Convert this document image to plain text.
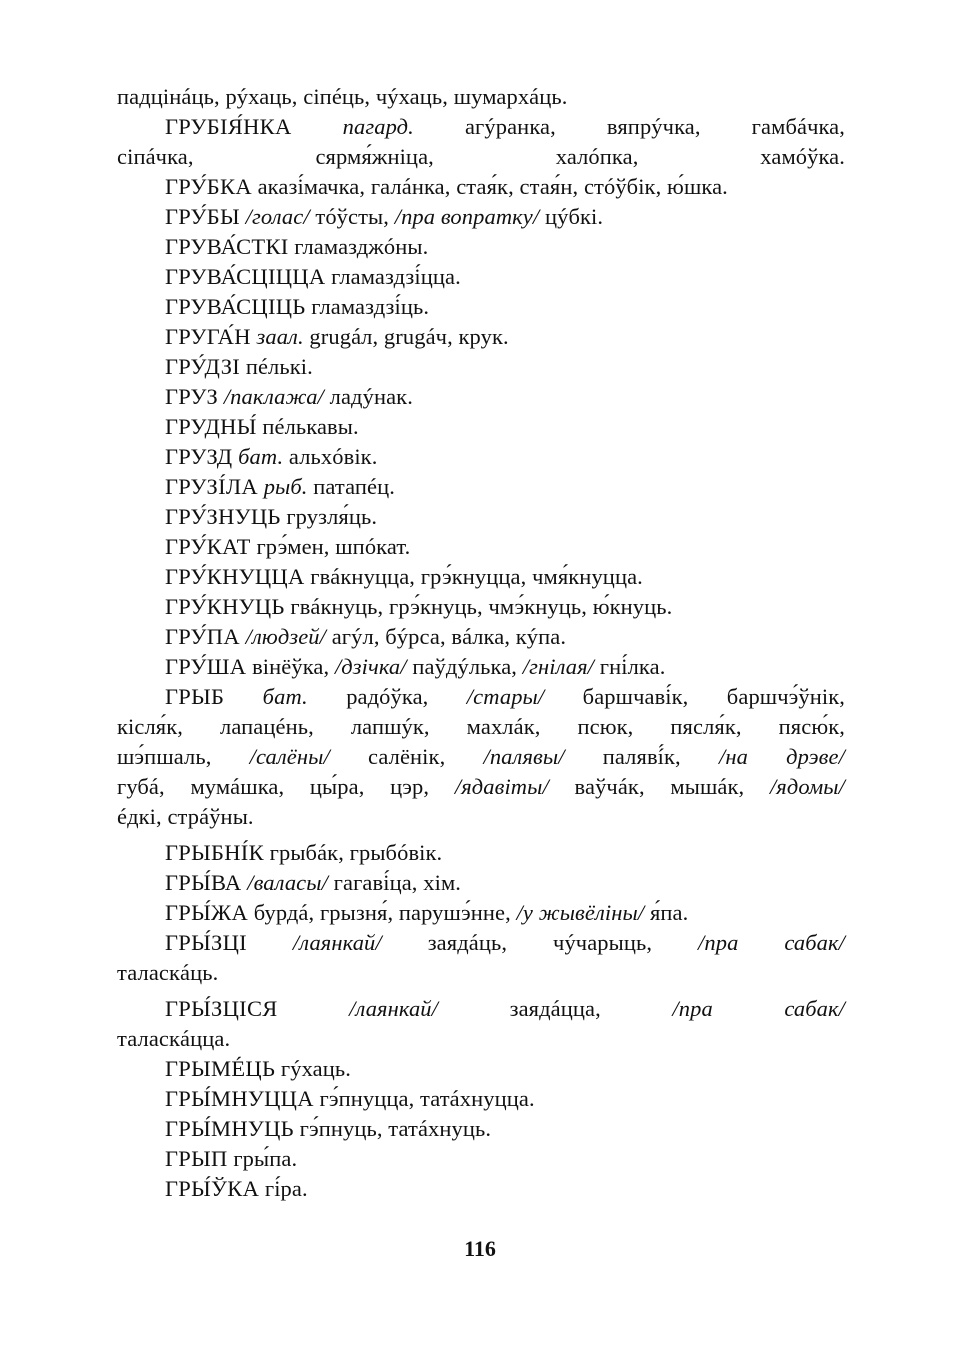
падцінáць, рýхаць, сіпéць, чýхаць, шумархáць.
ГРУБІЯ́НКА пагард. агýранка, вяпрýчка, гамбáчка,
сіпáчка, сярмя́жніца, халóпка, хамóўка.
ГРУ́БКА аказі́мачка, галáнка, стая́к, стая́н, стóўбік, ю́шка.
ГРУ́БЫ /голас/ тóўсты, /пра вопратку/ цýбкі.
ГРУВА́СТКІ гламазджóны.
ГРУВА́СЦІЦЦА гламаздзі́цца.
ГРУВА́СЦІЦЬ гламаздзі́ць.
ГРУГА́Н заал. grugáл, grugáч, крук.
ГРУ́ДЗІ пéлькі.
ГРУЗ /паклажа/ ладýнак.
ГРУДНЫ́ пéлькавы.
ГРУЗД бат. альхóвік.
ГРУЗІ́ЛА рыб. патапéц.
ГРУ́ЗНУЦЬ грузля́ць.
ГРУ́КАТ грэ́мен, шпóкат.
ГРУ́КНУЦЦА гвáкнуцца, грэ́кнуцца, чмя́кнуцца.
ГРУ́КНУЦЬ гвáкнуць, грэ́кнуць, чмэ́кнуць, ю́кнуць.
ГРУ́ПА /людзей/ агýл, бýрса, вáлка, кýпа.
ГРУ́ША вінёўка, /дзічка/ паўдýлька, /гнілая/ гні́лка.
ГРЫБ бат. радóўка, /стары/ баршчаві́к, баршчэ́ўнік,
кісля́к, лапацéнь, лапшýк, махлáк, псюк, пясля́к, пясю́к,
шэ́пшаль, /салёны/ салёнік, /палявы/ палявí́к, /на дрэве/
губá, мумáшка, цы́ра, цэр, /ядавіты/ ваўчáк, мышáк, /ядомы/
éдкі, стрáўны.
ГРЫБНІ́К грыбáк, грыбóвік.
ГРЫ́ВА /валасы/ гагаві́ца, хім.
ГРЫ́ЖА бурдá, грызня́, парушэ́нне, /у жывёліны/ я́па.
ГРЫ́ЗЦІ /лаянкай/ заядáць, чýчарыць, /пра сабак/
таласкáць.
ГРЫ́ЗЦІСЯ	/лаянкай/ заядáцца, /пра сабак/
таласкáцца.
ГРЫМÉЦЬ гýхаць.
ГРЫ́МНУЦЦА гэ́пнуцца, татáхнуцца.
ГРЫ́МНУЦЬ гэ́пнуць, татáхнуць.
ГРЫП гры́па.
ГРЫ́ЎКА гі́ра.
116
